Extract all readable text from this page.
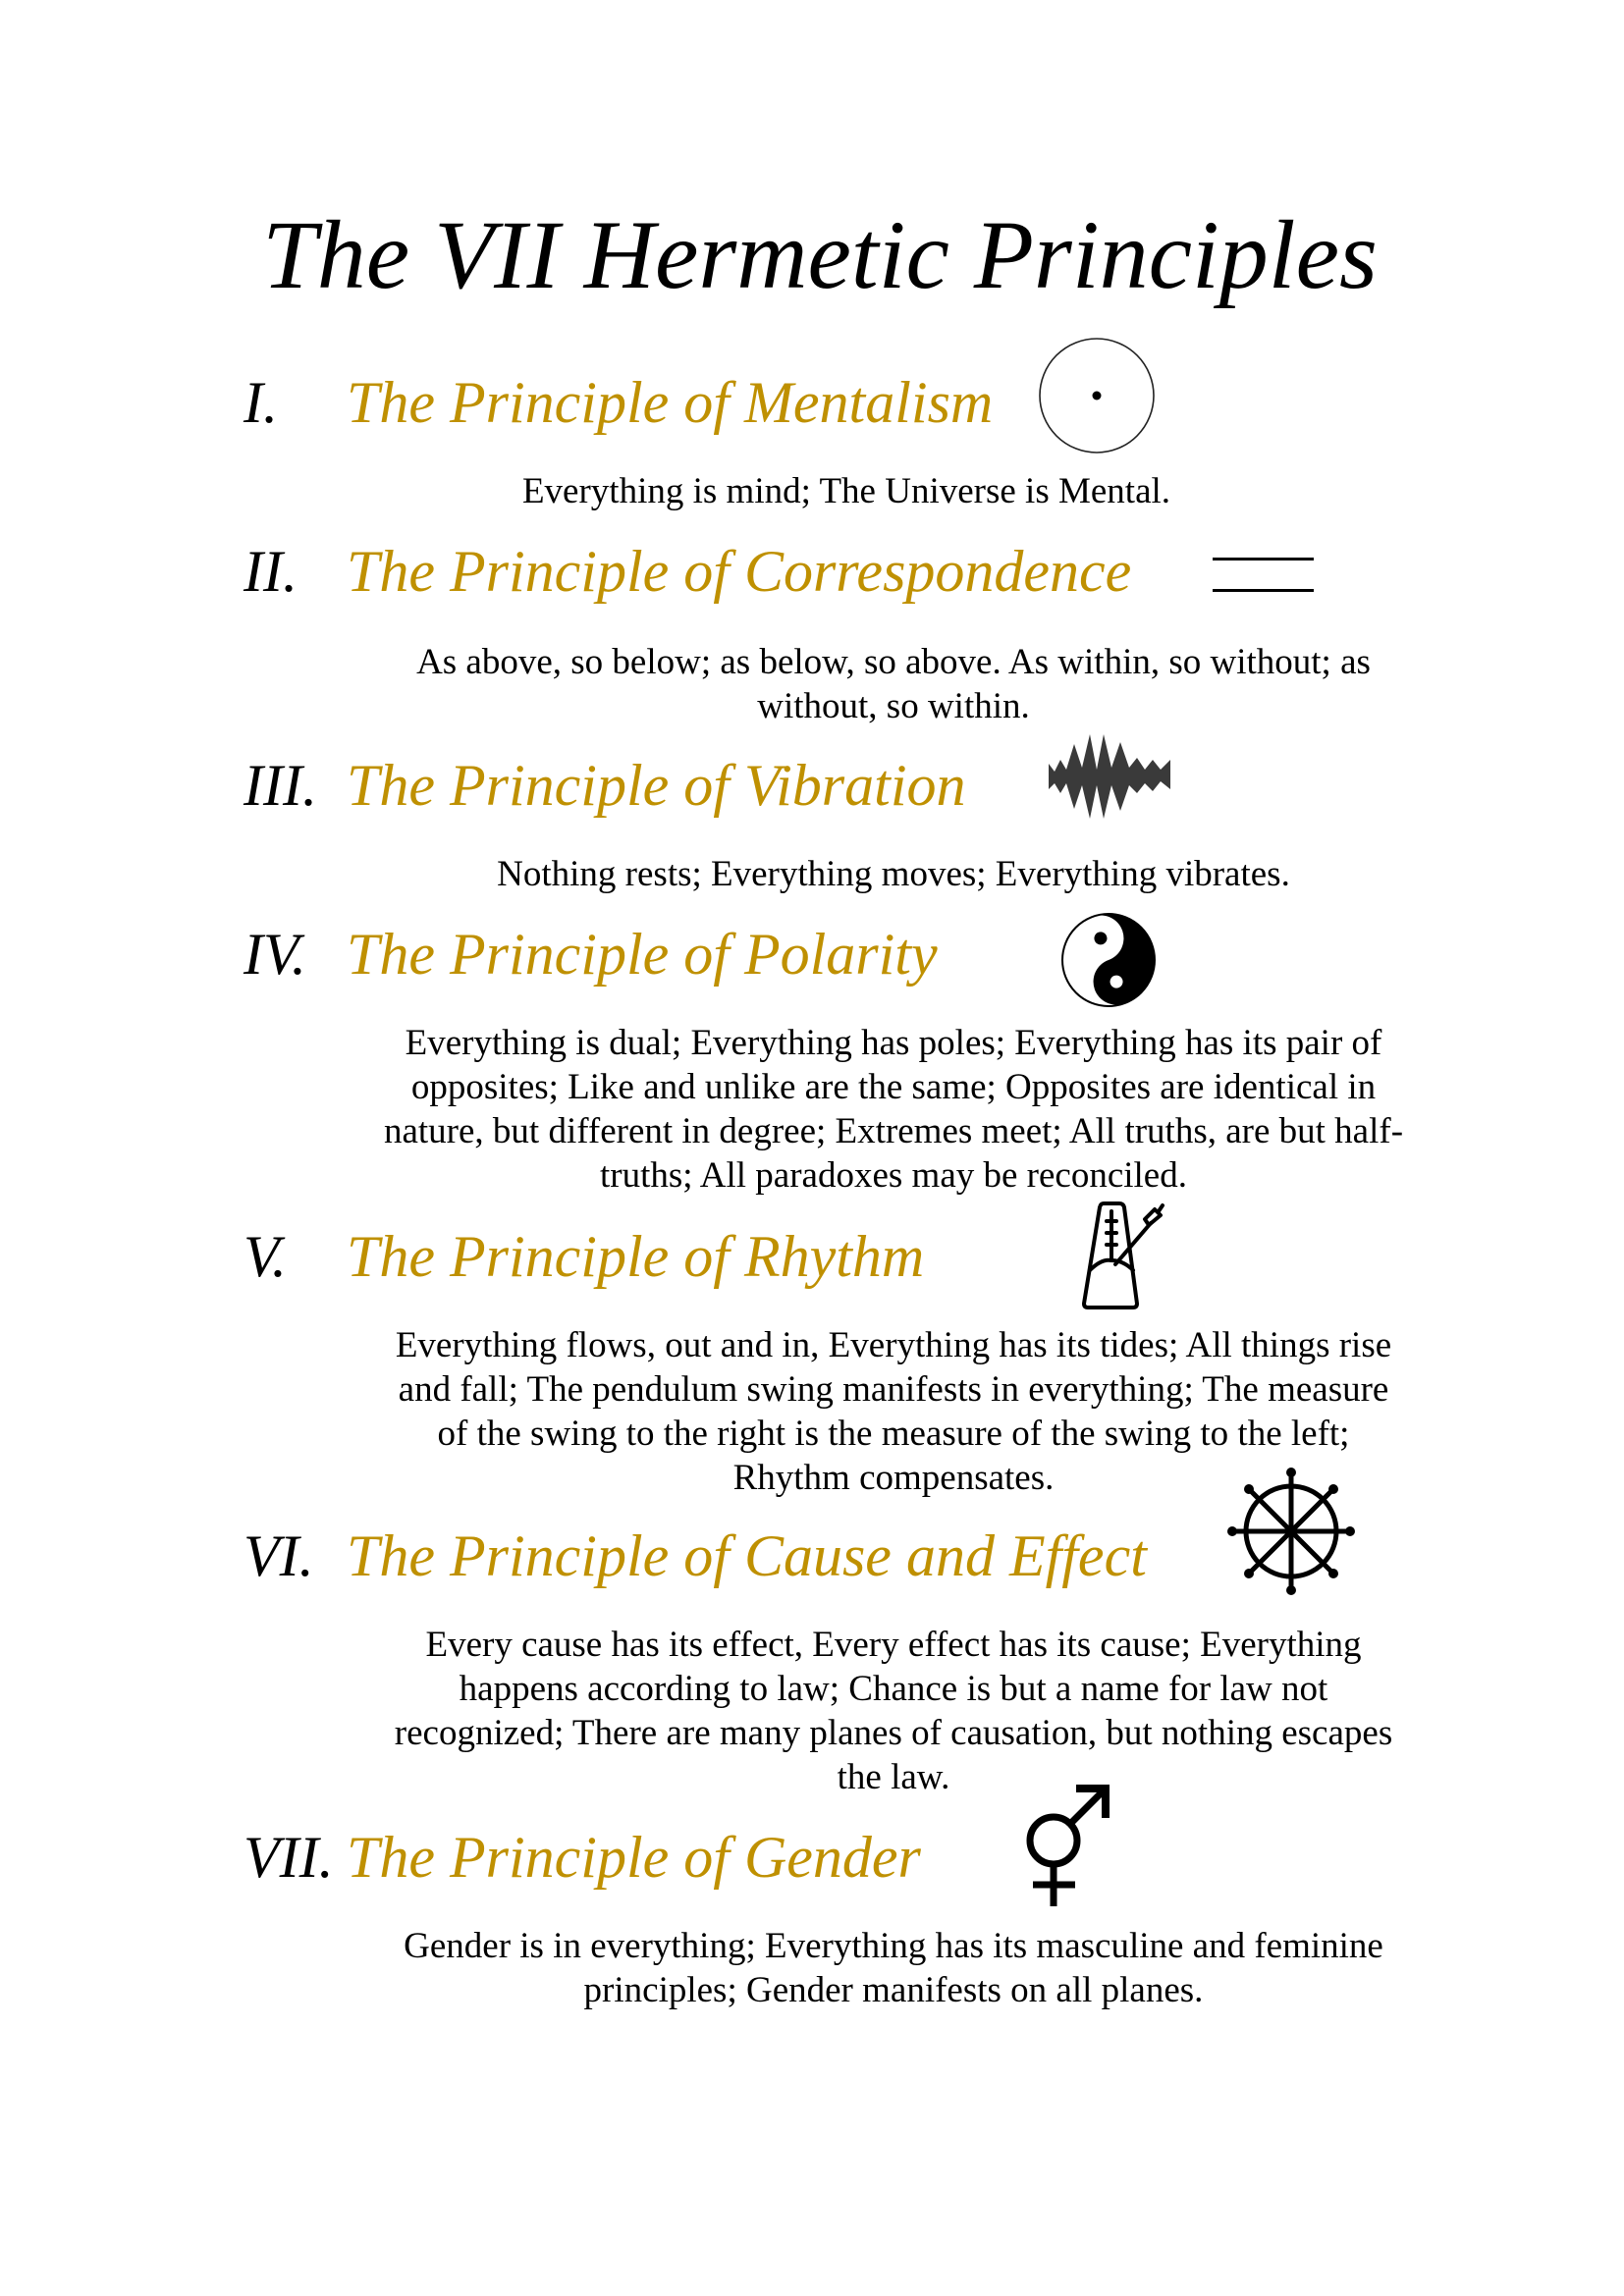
The VII Hermetic Principles
I. The Principle of Mentalism
Everything is mind; The Universe is Mental.
II. The Principle of Correspondence
As above, so below; as below, so above. As within, so without; as
without, so within.
III. The Principle of Vibration
Nothing rests; Everything moves; Everything vibrates.
IV. The Principle of Polarity
Everything is dual; Everything has poles; Everything has its pair of
opposites; Like and unlike are the same; Opposites are identical in
nature, but different in degree; Extremes meet; All truths, are but half-
truths; All paradoxes may be reconciled.
V. The Principle of Rhythm
Everything flows, out and in, Everything has its tides; All things rise
and fall; The pendulum swing manifests in everything; The measure
of the swing to the right is the measure of the swing to the left;
Rhythm compensates.
VI. The Principle of Cause and Effect
Every cause has its effect, Every effect has its cause; Everything
happens according to law; Chance is but a name for law not
recognized; There are many planes of causation, but nothing escapes
the law.
VII. The Principle of Gender
Gender is in everything; Everything has its masculine and feminine
principles; Gender manifests on all planes.
